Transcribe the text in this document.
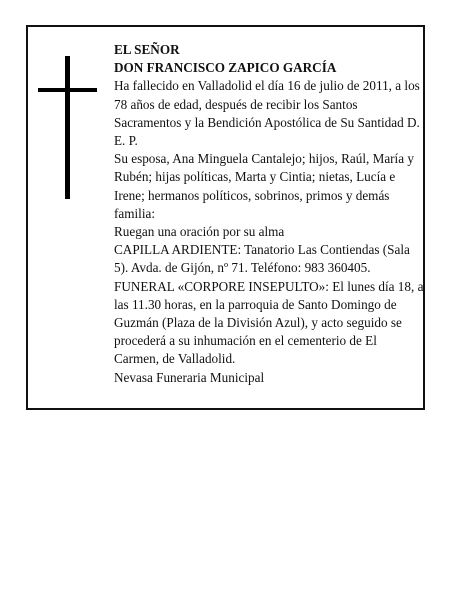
EL SEÑOR

DON FRANCISCO ZAPICO GARCÍA

Ha fallecido en Valladolid el día 16 de julio de 2011, a los 78 años de edad, después de recibir los Santos Sacramentos y la Bendición Apostólica de Su Santidad D. E. P.

Su esposa, Ana Minguela Cantalejo; hijos, Raúl, María y Rubén; hijas políticas, Marta y Cintia; nietas, Lucía e Irene; hermanos políticos, sobrinos, primos y demás familia:

Ruegan una oración por su alma

CAPILLA ARDIENTE: Tanatorio Las Contiendas (Sala 5). Avda. de Gijón, nº 71. Teléfono: 983 360405.

FUNERAL «CORPORE INSEPULTO»: El lunes día 18, a las 11.30 horas, en la parroquia de Santo Domingo de Guzmán (Plaza de la División Azul), y acto seguido se procederá a su inhumación en el cementerio de El Carmen, de Valladolid.

Nevasa Funeraria Municipal
